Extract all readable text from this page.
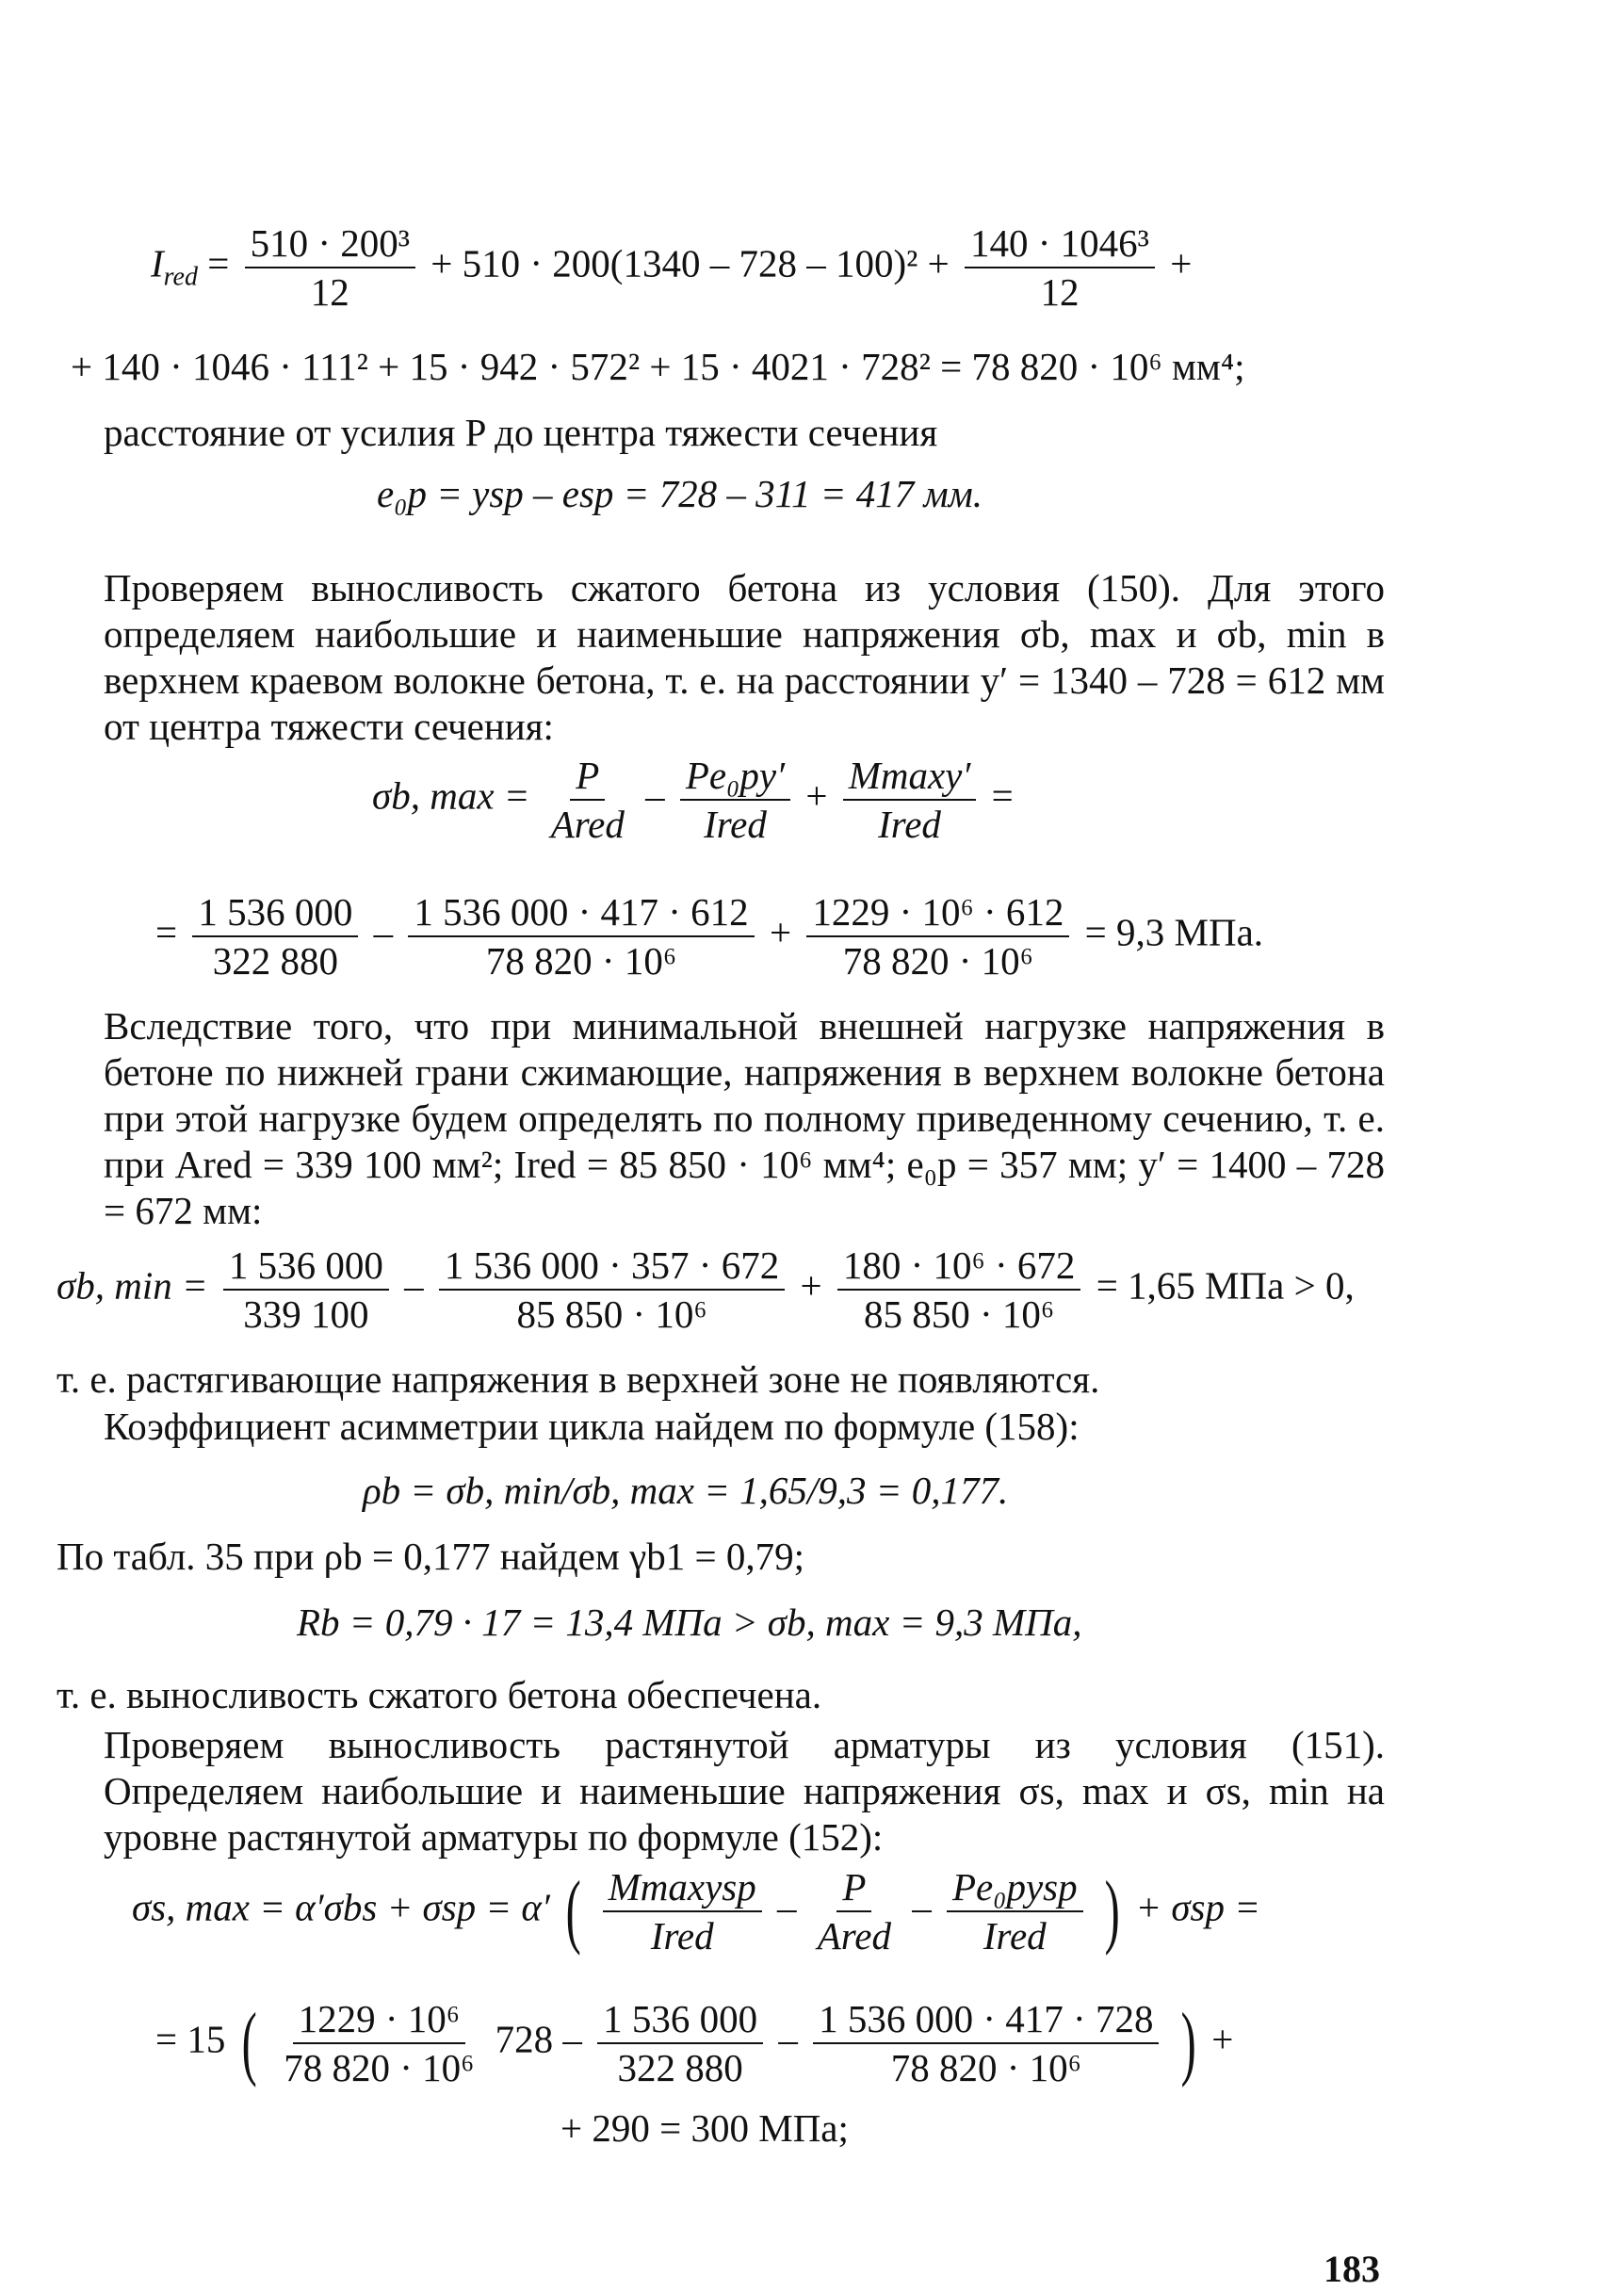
$I_{red} = \frac{\text{510 · 200³}}{12} + 510 \cdot 200(1340 - 728 - 100)^2 + \frac{\text{140 · 1046³}}{12}$ +
+ 140 · 1046 · 111² + 15 · 942 · 572² + 15 · 4021 · 728² = 78 820 · 10⁶ мм⁴;
расстояние от усилия P до центра тяжести сечения
e₀p = ysp – esp = 728 – 311 = 417 мм.

Проверяем выносливость сжатого бетона из условия (150). Для этого определяем наибольшие и наименьшие напряжения σb, max и σb, min в верхнем краевом волокне бетона, т. е. на расстоянии y′ = 1340 – 728 = 612 мм от центра тяжести сечения:

σb, $\max = \frac{P}{\text{Ared}} - \frac{\text{Pe₀py′}}{\text{Ired}} + \frac{Mmaxy'}{\text{Ired}}$ =
= $\frac{1 536 000}{322 880} - \frac{1 536 000 \cdot 417 \cdot 612}{\text{78 820 · 10⁶}} + \frac{\text{1229 · 10⁶ · 612}}{\text{78 820 · 10⁶}} = 9,3$ МПа.

Вследствие того, что при минимальной внешней нагрузке напряжения в бетоне по нижней грани сжимающие, напряжения в верхнем волокне бетона при этой нагрузке будем определять по полному приведенному сечению, т. е. при Ared = 339 100 мм²; Ired = 85 850 · 10⁶ мм⁴; e₀p = 357 мм; y′ = 1400 – 728 = 672 мм:

σb, $\min = \frac{1 536 000}{339 100} - \frac{1 536 000 \cdot 357 \cdot 672}{\text{85 850 · 10⁶}} + \frac{\text{180 · 10⁶ · 672}}{\text{85 850 · 10⁶}} = 1,65$ МПа > 0,
т. е. растягивающие напряжения в верхней зоне не появляются.
Коэффициент асимметрии цикла найдем по формуле (158):
ρb = σb, min/σb, max = 1,65/9,3 = 0,177.
По табл. 35 при ρb = 0,177 найдем γb1 = 0,79;
Rb = 0,79 · 17 = 13,4 МПа > σb, max = 9,3 МПа,
т. е. выносливость сжатого бетона обеспечена.

Проверяем выносливость растянутой арматуры из условия (151). Определяем наибольшие и наименьшие напряжения σs, max и σs, min на уровне растянутой арматуры по формуле (152):

σs, max = α′σbs + σsp = α′ ( $\frac{\text{Mmaxysp}}{\text{Ired}} - \frac{P}{\text{Ared}} - \frac{\text{Pe₀pysp}}{\text{Ired}}$ ) + σsp =
= 15 ( $\frac{\text{1229 · 10⁶}}{\text{78 820 · 10⁶}} 728 - \frac{1 536 000}{322 880} - \frac{1 536 000 \cdot 417 \cdot 728}{\text{78 820 · 10⁶}}$ ) +
+ 290 = 300 МПа;
183
